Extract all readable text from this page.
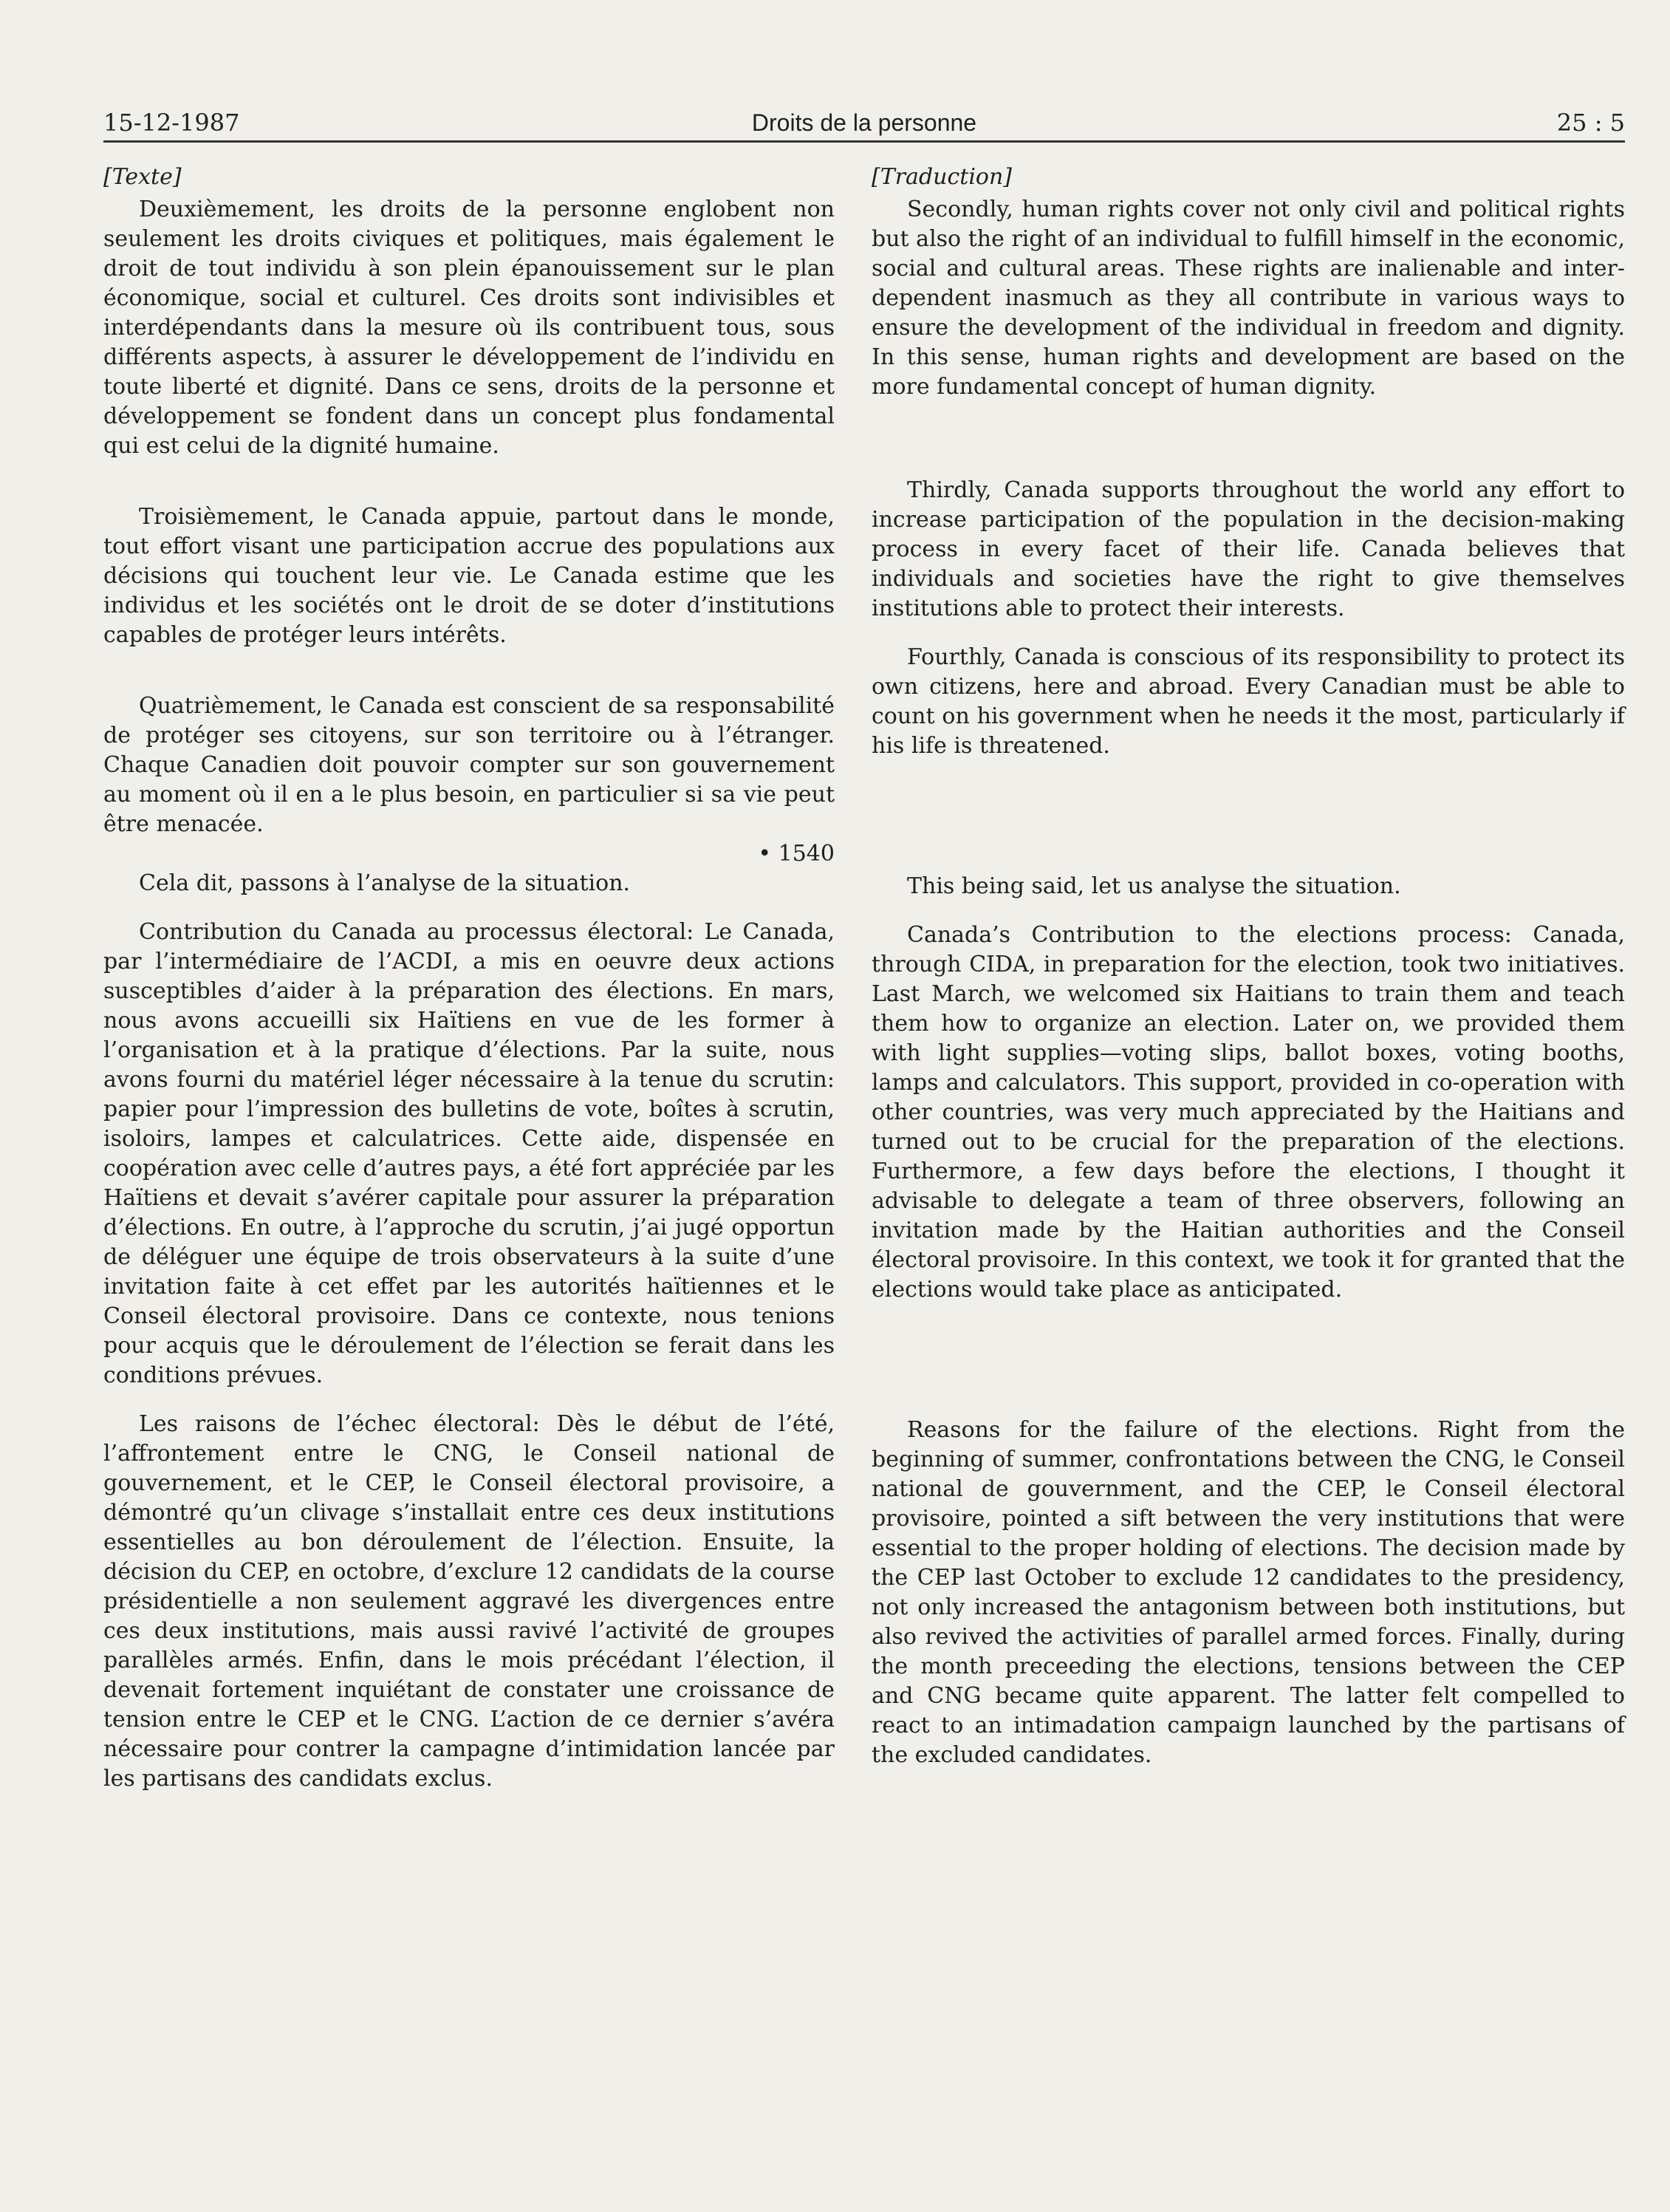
15-12-1987	Droits de la personne	25 : 5
[Texte]

Deuxièmement, les droits de la personne englobent non seulement les droits civiques et politiques, mais également le droit de tout individu à son plein épanouissement sur le plan économique, social et culturel. Ces droits sont indivisibles et interdépendants dans la mesure où ils contribuent tous, sous différents aspects, à assurer le développement de l’individu en toute liberté et dignité. Dans ce sens, droits de la personne et développement se fondent dans un concept plus fondamental qui est celui de la dignité humaine.

Troisièmement, le Canada appuie, partout dans le monde, tout effort visant une participation accrue des populations aux décisions qui touchent leur vie. Le Canada estime que les individus et les sociétés ont le droit de se doter d’institutions capables de protéger leurs intérêts.

Quatrièmement, le Canada est conscient de sa responsabilité de protéger ses citoyens, sur son territoire ou à l’étranger. Chaque Canadien doit pouvoir compter sur son gouvernement au moment où il en a le plus besoin, en particulier si sa vie peut être menacée.

• 1540

Cela dit, passons à l’analyse de la situation.

Contribution du Canada au processus électoral: Le Canada, par l’intermédiaire de l’ACDI, a mis en oeuvre deux actions susceptibles d’aider à la préparation des élections. En mars, nous avons accueilli six Haïtiens en vue de les former à l’organisation et à la pratique d’élections. Par la suite, nous avons fourni du matériel léger nécessaire à la tenue du scrutin: papier pour l’impression des bulletins de vote, boîtes à scrutin, isoloirs, lampes et calculatrices. Cette aide, dispensée en coopération avec celle d’autres pays, a été fort appréciée par les Haïtiens et devait s’avérer capitale pour assurer la préparation d’élections. En outre, à l’approche du scrutin, j’ai jugé opportun de déléguer une équipe de trois observateurs à la suite d’une invitation faite à cet effet par les autorités haïtiennes et le Conseil électoral provisoire. Dans ce contexte, nous tenions pour acquis que le déroulement de l’élection se ferait dans les conditions prévues.

Les raisons de l’échec électoral: Dès le début de l’été, l’affrontement entre le CNG, le Conseil national de gouvernement, et le CEP, le Conseil électoral provisoire, a démontré qu’un clivage s’installait entre ces deux institutions essentielles au bon déroulement de l’élection. Ensuite, la décision du CEP, en octobre, d’exclure 12 candidats de la course présidentielle a non seulement aggravé les divergences entre ces deux institutions, mais aussi ravivé l’activité de groupes parallèles armés. Enfin, dans le mois précédant l’élection, il devenait fortement inquiétant de constater une croissance de tension entre le CEP et le CNG. L’action de ce dernier s’avéra nécessaire pour contrer la campagne d’intimidation lancée par les partisans des candidats exclus.

[Traduction]

Secondly, human rights cover not only civil and political rights but also the right of an individual to fulfill himself in the economic, social and cultural areas. These rights are inalienable and inter-dependent inasmuch as they all contribute in various ways to ensure the development of the individual in freedom and dignity. In this sense, human rights and development are based on the more fundamental concept of human dignity.

Thirdly, Canada supports throughout the world any effort to increase participation of the population in the decision-making process in every facet of their life. Canada believes that individuals and societies have the right to give themselves institutions able to protect their interests.

Fourthly, Canada is conscious of its responsibility to protect its own citizens, here and abroad. Every Canadian must be able to count on his government when he needs it the most, particularly if his life is threatened.

This being said, let us analyse the situation.

Canada’s Contribution to the elections process: Canada, through CIDA, in preparation for the election, took two initiatives. Last March, we welcomed six Haitians to train them and teach them how to organize an election. Later on, we provided them with light supplies—voting slips, ballot boxes, voting booths, lamps and calculators. This support, provided in co-operation with other countries, was very much appreciated by the Haitians and turned out to be crucial for the preparation of the elections. Furthermore, a few days before the elections, I thought it advisable to delegate a team of three observers, following an invitation made by the Haitian authorities and the Conseil électoral provisoire. In this context, we took it for granted that the elections would take place as anticipated.

Reasons for the failure of the elections. Right from the beginning of summer, confrontations between the CNG, le Conseil national de gouvernment, and the CEP, le Conseil électoral provisoire, pointed a sift between the very institutions that were essential to the proper holding of elections. The decision made by the CEP last October to exclude 12 candidates to the presidency, not only increased the antagonism between both institutions, but also revived the activities of parallel armed forces. Finally, during the month preceeding the elections, tensions between the CEP and CNG became quite apparent. The latter felt compelled to react to an intimadation campaign launched by the partisans of the excluded candidates.
